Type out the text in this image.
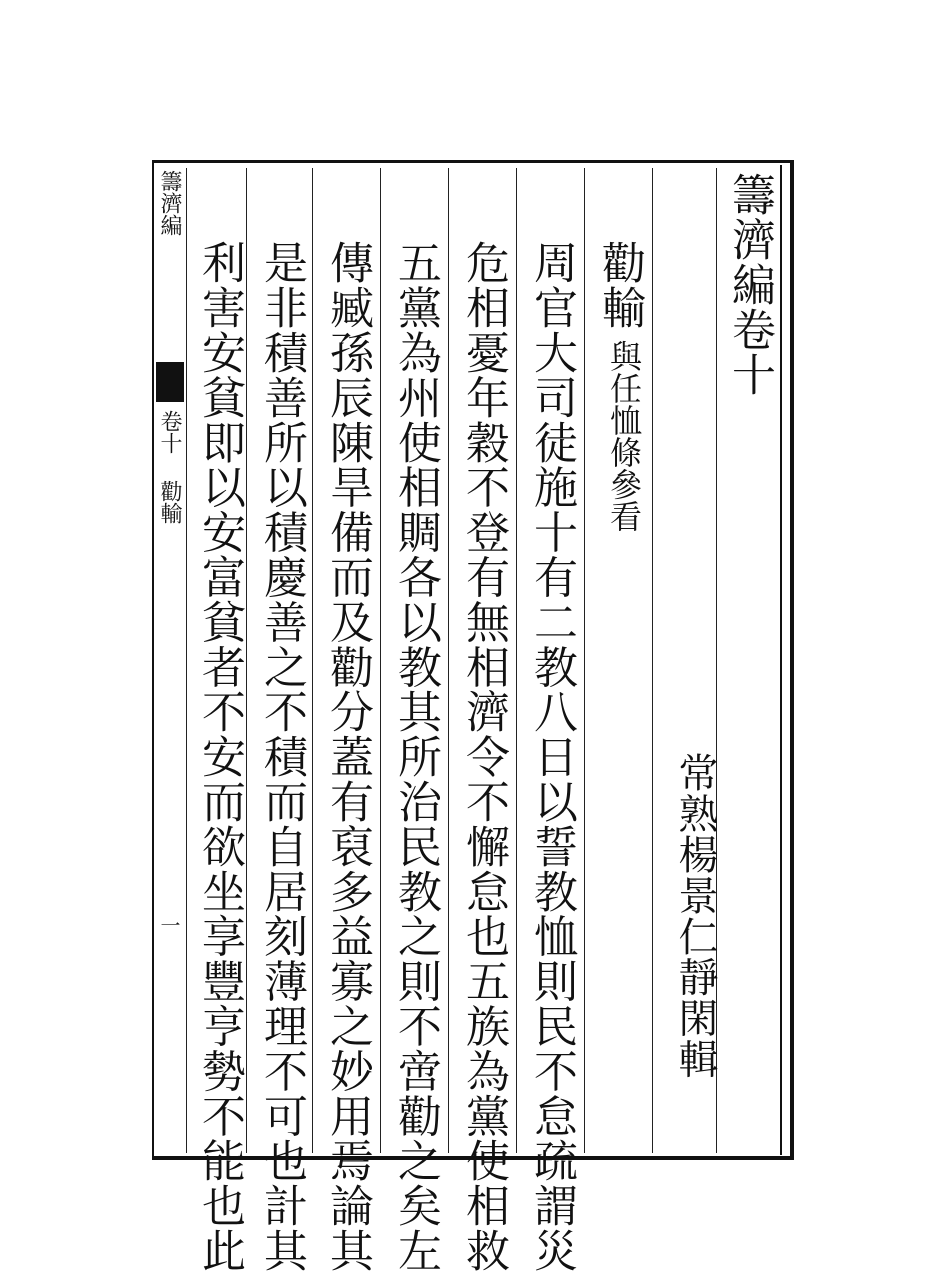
籌濟編
卷十
勸輸
一
籌濟編卷十
常熟楊景仁靜閑輯
勸輸
與任恤條參看
周官大司徒施十有二教八日以誓教恤則民不怠疏謂災
危相憂年穀不登有無相濟令不懈怠也五族為黨使相救
五黨為州使相賙各以教其所治民教之則不啻勸之矣左
傳臧孫辰陳旱備而及勸分蓋有裒多益寡之妙用焉論其
是非積善所以積慶善之不積而自居刻薄理不可也計其
利害安貧即以安富貧者不安而欲坐享豐亨勢不能也此
